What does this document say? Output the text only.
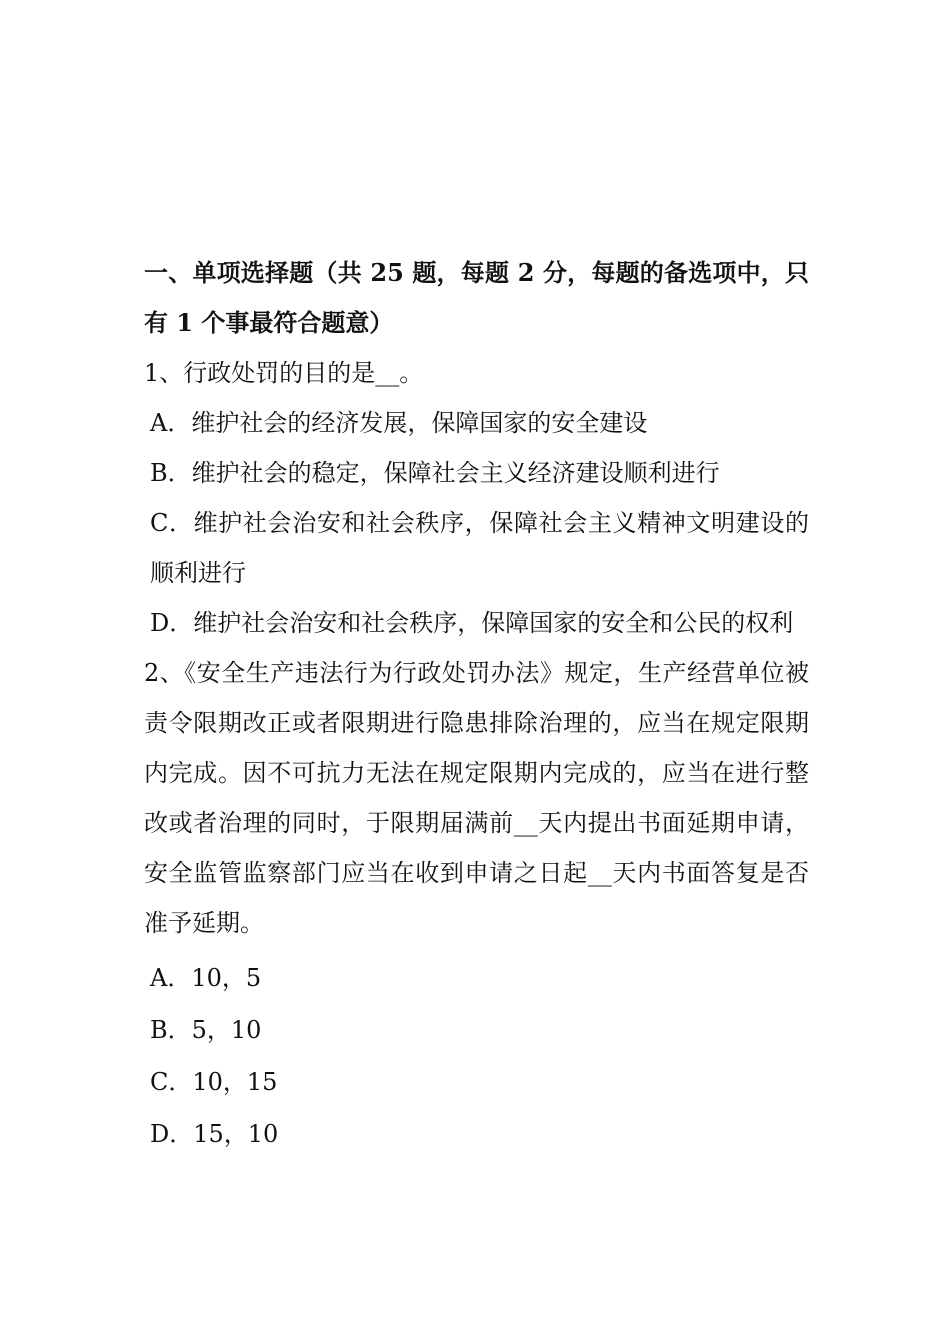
一、单项选择题（共 25 题，每题 2 分，每题的备选项中，只有 1 个事最符合题意）

1、行政处罚的目的是__。

A．维护社会的经济发展，保障国家的安全建设

B．维护社会的稳定，保障社会主义经济建设顺利进行

C．维护社会治安和社会秩序，保障社会主义精神文明建设的顺利进行

D．维护社会治安和社会秩序，保障国家的安全和公民的权利

2、《安全生产违法行为行政处罚办法》规定，生产经营单位被责令限期改正或者限期进行隐患排除治理的，应当在规定限期内完成。因不可抗力无法在规定限期内完成的，应当在进行整改或者治理的同时，于限期届满前__天内提出书面延期申请，安全监管监察部门应当在收到申请之日起__天内书面答复是否准予延期。

A．10，5

B．5，10

C．10，15

D．15，10
